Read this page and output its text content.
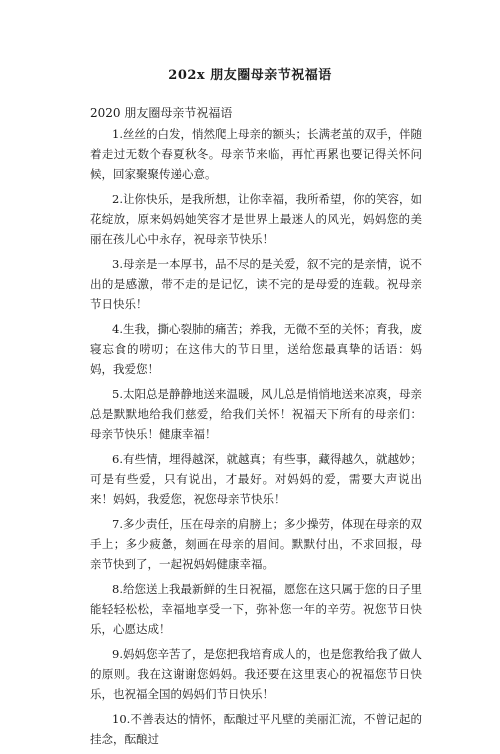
202x 朋友圈母亲节祝福语
2020 朋友圈母亲节祝福语

1.丝丝的白发，悄然爬上母亲的额头；长满老茧的双手，伴随着走过无数个春夏秋冬。母亲节来临，再忙再累也要记得关怀问候，回家聚聚传递心意。

2.让你快乐，是我所想，让你幸福，我所希望，你的笑容，如花绽放，原来妈妈她笑容才是世界上最迷人的风光，妈妈您的美丽在孩儿心中永存，祝母亲节快乐！

3.母亲是一本厚书，品不尽的是关爱，叙不完的是亲情，说不出的是感激，带不走的是记忆，读不完的是母爱的连载。祝母亲节日快乐！

4.生我，撕心裂肺的痛苦；养我，无微不至的关怀；育我，废寝忘食的唠叨；在这伟大的节日里，送给您最真挚的话语：妈妈，我爱您！

5.太阳总是静静地送来温暖，风儿总是悄悄地送来凉爽，母亲总是默默地给我们慈爱，给我们关怀！祝福天下所有的母亲们：母亲节快乐！健康幸福！

6.有些情，埋得越深，就越真；有些事，藏得越久，就越妙；可是有些爱，只有说出，才最好。对妈妈的爱，需要大声说出来！妈妈，我爱您，祝您母亲节快乐！

7.多少责任，压在母亲的肩膀上；多少操劳，体现在母亲的双手上；多少疲惫，刻画在母亲的眉间。默默付出，不求回报，母亲节快到了，一起祝妈妈健康幸福。

8.给您送上我最新鲜的生日祝福，愿您在这只属于您的日子里能轻轻松松，幸福地享受一下，弥补您一年的辛劳。祝您节日快乐，心愿达成！

9.妈妈您辛苦了，是您把我培育成人的，也是您教给我了做人的原则。我在这谢谢您妈妈。我还要在这里衷心的祝福您节日快乐，也祝福全国的妈妈们节日快乐！

10.不善表达的情怀，酝酿过平凡壁的美丽汇流，不曾记起的挂念，酝酿过
